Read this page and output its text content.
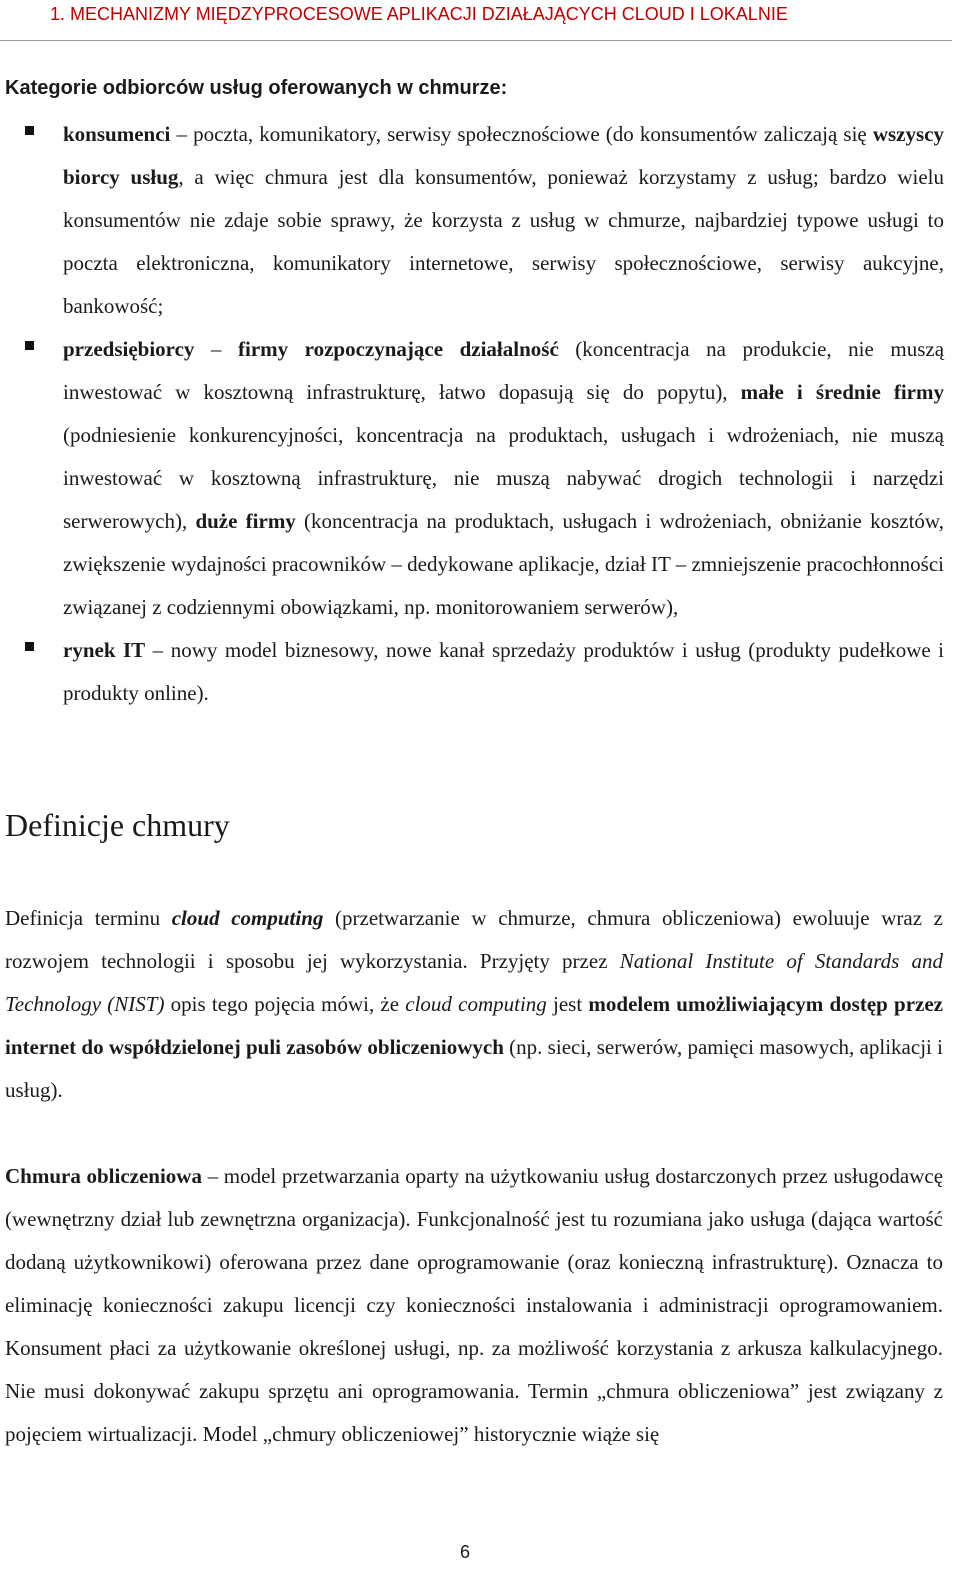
1. MECHANIZMY MIĘDZYPROCESOWE APLIKACJI DZIAŁAJĄCYCH CLOUD I LOKALNIE
Kategorie odbiorców usług oferowanych w chmurze:
konsumenci – poczta, komunikatory, serwisy społecznościowe (do konsumentów zaliczają się wszyscy biorcy usług, a więc chmura jest dla konsumentów, ponieważ korzystamy z usług; bardzo wielu konsumentów nie zdaje sobie sprawy, że korzysta z usług w chmurze, najbardziej typowe usługi to poczta elektroniczna, komunikatory internetowe, serwisy społecznościowe, serwisy aukcyjne, bankowość;
przedsiębiorcy – firmy rozpoczynające działalność (koncentracja na produkcie, nie muszą inwestować w kosztowną infrastrukturę, łatwo dopasują się do popytu), małe i średnie firmy (podniesienie konkurencyjności, koncentracja na produktach, usługach i wdrożeniach, nie muszą inwestować w kosztowną infrastrukturę, nie muszą nabywać drogich technologii i narzędzi serwerowych), duże firmy (koncentracja na produktach, usługach i wdrożeniach, obniżanie kosztów, zwiększenie wydajności pracowników – dedykowane aplikacje, dział IT – zmniejszenie pracochłonności związanej z codziennymi obowiązkami, np. monitorowaniem serwerów),
rynek IT – nowy model biznesowy, nowe kanał sprzedaży produktów i usług (produkty pudełkowe i produkty online).
Definicje chmury

Definicja terminu cloud computing (przetwarzanie w chmurze, chmura obliczeniowa) ewoluuje wraz z rozwojem technologii i sposobu jej wykorzystania. Przyjęty przez National Institute of Standards and Technology (NIST) opis tego pojęcia mówi, że cloud computing jest modelem umożliwiającym dostęp przez internet do współdzielonej puli zasobów obliczeniowych (np. sieci, serwerów, pamięci masowych, aplikacji i usług).

Chmura obliczeniowa – model przetwarzania oparty na użytkowaniu usług dostarczonych przez usługodawcę (wewnętrzny dział lub zewnętrzna organizacja). Funkcjonalność jest tu rozumiana jako usługa (dająca wartość dodaną użytkownikowi) oferowana przez dane oprogramowanie (oraz konieczną infrastrukturę). Oznacza to eliminację konieczności zakupu licencji czy konieczności instalowania i administracji oprogramowaniem. Konsument płaci za użytkowanie określonej usługi, np. za możliwość korzystania z arkusza kalkulacyjnego. Nie musi dokonywać zakupu sprzętu ani oprogramowania. Termin „chmura obliczeniowa” jest związany z pojęciem wirtualizacji. Model „chmury obliczeniowej” historycznie wiąże się

6
